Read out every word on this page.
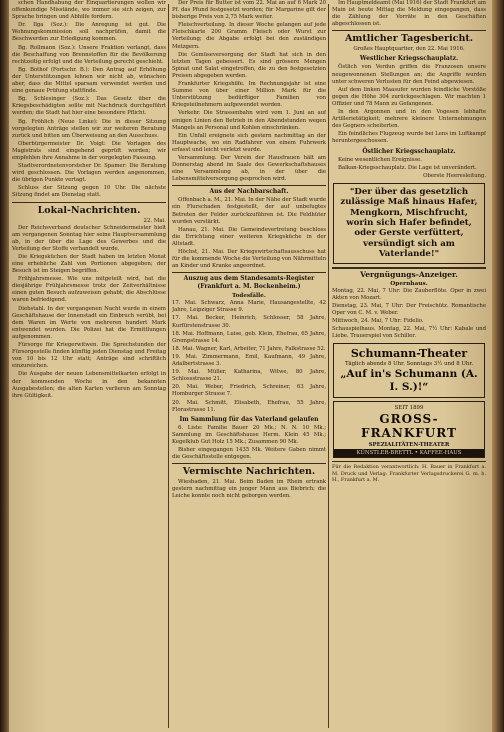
schen Handhabung der Einquartierungen wollen wir offenkundige Misstände, wo immer sie sich zeigen, zur Sprache bringen und Abhilfe fordern.

Dr. Ilga (Soz.): Die Anregung ist gut. Die Wohnungskommission soll nachprüfen, damit die Beschwerden zur Erledigung kommen.

Bg. Rollmann (Soz.): Unsere Fraktion verlangt, dass die Beschaffung von Brennstoffen für die Bevölkerung rechtzeitig erfolgt und die Verteilung gerecht geschieht.

Bg. Bothof (Fortschr. B.): Den Antrag auf Erhöhung der Unterstützungen lehnen wir nicht ab, wünschen aber, dass die Mittel sparsam verwendet werden und eine genaue Prüfung stattfinde.

Bg. Schlesinger (Soz.): Das Gesetz über die Kriegsbeschädigten sollte mit Nachdruck durchgeführt werden; die Stadt hat hier eine besondere Pflicht.

Bg. Fröhlich (Neue Linke): Die in dieser Sitzung vorgelegten Anträge stellen wir zur weiteren Beratung zurück und bitten um Überweisung an den Ausschuss.

Oberbürgermeister Dr. Voigt: Die Vorlagen des Magistrats sind eingehend geprüft worden; wir empfehlen ihre Annahme in der vorgelegten Fassung.

Stadtverordnetenvorsteher Dr. Spamer: Die Beratung wird geschlossen. Die Vorlagen werden angenommen, die übrigen Punkte vertagt.

Schluss der Sitzung gegen 10 Uhr. Die nächste Sitzung findet am Dienstag statt.

Lokal-Nachrichten.
22. Mai.

Der Reichsverband deutscher Schneidermeister hielt am vergangenen Sonntag hier seine Hauptversammlung ab, in der über die Lage des Gewerbes und die Verteilung der Stoffe verhandelt wurde.

Die Kriegsküchen der Stadt haben im letzten Monat eine erhebliche Zahl von Portionen abgegeben; der Besuch ist im Steigen begriffen.

Frühjahrsmesse. Wie uns mitgeteilt wird, hat die diesjährige Frühjahrsmesse trotz der Zeitverhältnisse einen guten Besuch aufzuweisen gehabt; die Abschlüsse waren befriedigend.

Diebstahl. In der vergangenen Nacht wurde in einem Geschäftshause der Innenstadt ein Einbruch verübt, bei dem Waren im Werte von mehreren hundert Mark entwendet wurden. Die Polizei hat die Ermittlungen aufgenommen.

Fürsorge für Kriegerwitwen. Die Sprechstunden der Fürsorgestelle finden künftig jeden Dienstag und Freitag von 10 bis 12 Uhr statt; Anträge sind schriftlich einzureichen.

Die Ausgabe der neuen Lebensmittelkarten erfolgt in der kommenden Woche in den bekannten Ausgabestellen; die alten Karten verlieren am Sonntag ihre Gültigkeit.

Der Preis für Butter ist vom 22. Mai an auf 6 Mark 20 Pf. das Pfund festgesetzt worden; für Margarine gilt der bisherige Preis von 2,75 Mark weiter.

Fleischverteilung. In dieser Woche gelangen auf jede Fleischkarte 200 Gramm Fleisch oder Wurst zur Verteilung; die Abgabe erfolgt bei den zuständigen Metzgern.

Die Gemüseversorgung der Stadt hat sich in den letzten Tagen gebessert. Es sind grössere Mengen Spinat und Salat eingetroffen, die zu den festgesetzten Preisen abgegeben werden.

Frankfurter Kriegshilfe. Im Rechnungsjahr ist eine Summe von über einer Million Mark für die Unterstützung bedürftiger Familien von Kriegsteilnehmern aufgewendet worden.

Verkehr. Die Strassenbahn wird vom 1. Juni an auf einigen Linien den Betrieb in den Abendstunden wegen Mangels an Personal und Kohlen einschränken.

Ein Unfall ereignete sich gestern nachmittag an der Hauptwache, wo ein Radfahrer von einem Fuhrwerk erfasst und leicht verletzt wurde.

Versammlung. Der Verein der Hausfrauen hält am Donnerstag abend im Saale des Gewerkschaftshauses eine Versammlung ab, in der über die Lebensmittelversorgung gesprochen wird.

Aus der Nachbarschaft.

Offenbach a. M., 21. Mai. In der Nähe der Stadt wurde ein Flurschaden festgestellt, der auf unbefugtes Betreten der Felder zurückzuführen ist. Die Feldhüter wurden verstärkt.

Hanau, 21. Mai. Die Gemeindevertretung beschloss die Errichtung einer weiteren Kriegsküche in der Altstadt.

Höchst, 21. Mai. Der Kriegswirtschaftsausschuss hat für die kommende Woche die Verteilung von Nährmitteln an Kinder und Kranke angeordnet.

Auszug aus dem Standesamts-Register (Frankfurt a. M. Bockenheim.)
Todesfälle.

17. Mai. Schwarz, Anna Marie, Hausangestellte, 42 Jahre, Leipziger Strasse 9.

17. Mai. Becker, Heinrich, Schlosser, 58 Jahre, Kurfürstenstrasse 30.

18. Mai. Hoffmann, Luise, geb. Klein, Ehefrau, 65 Jahre, Grempstrasse 14.

18. Mai. Wagner, Karl, Arbeiter, 71 Jahre, Falkstrasse 52.

19. Mai. Zimmermann, Emil, Kaufmann, 49 Jahre, Adalbertstrasse 3.

19. Mai. Müller, Katharina, Witwe, 80 Jahre, Schlossstrasse 21.

20. Mai. Weber, Friedrich, Schreiner, 63 Jahre, Homburger Strasse 7.

20. Mai. Schmitt, Elisabeth, Ehefrau, 55 Jahre, Florastrasse 11.

Im Sammlung für das Vaterland gelaufen

6. Liste: Familie Bauer 20 Mk.; N. N. 10 Mk.; Sammlung im Geschäftshause Herm. Klein 45 Mk.; Kegelklub Gut Holz 15 Mk.; Zusammen 90 Mk.

Bisher eingegangen 1435 Mk. Weitere Gaben nimmt die Geschäftsstelle entgegen.

Vermischte Nachrichten.

Wiesbaden, 21. Mai. Beim Baden im Rhein ertrank gestern nachmittag ein junger Mann aus Biebrich; die Leiche konnte noch nicht geborgen werden.

Im Hauptmeldeamt (Mai 1916) der Stadt Frankfurt am Main ist heute Mittag die Meldung eingegangen, dass die Zählung der Vorräte in den Geschäften abgeschlossen ist.

Amtlicher Tagesbericht.

Großes Hauptquartier, den 22. Mai 1916.

Westlicher Kriegsschauplatz.

Östlich von Verdun griffen die Franzosen unsere neugewonnenen Stellungen an; die Angriffe wurden unter schweren Verlusten für den Feind abgewiesen.

Auf dem linken Maasufer wurden feindliche Vorstöße gegen die Höhe 304 zurückgeschlagen. Wir machten 1 Offizier und 78 Mann zu Gefangenen.

In den Argonnen und in den Vogesen lebhafte Artillerietätigkeit; mehrere kleinere Unternehmungen des Gegners scheiterten.

Ein feindliches Flugzeug wurde bei Lens im Luftkampf heruntergeschossen.

Östlicher Kriegsschauplatz.

Keine wesentlichen Ereignisse.

Balkan-Kriegsschauplatz. Die Lage ist unverändert.

Oberste Heeresleitung.

"Der über das gesetzlich zulässige Maß hinaus Hafer, Mengkorn, Mischfrucht, worin sich Hafer befindet, oder Gerste verfüttert, versündigt sich am Vaterlande!"
Vergnügungs-Anzeiger.
Opernhaus.

Montag, 22. Mai, 7 Uhr: Die Zauberflöte. Oper in zwei Akten von Mozart.

Dienstag, 23. Mai, 7 Uhr: Der Freischütz. Romantische Oper von C. M. v. Weber.

Mittwoch, 24. Mai, 7 Uhr: Fidelio.

Schauspielhaus. Montag, 22. Mai, 7½ Uhr: Kabale und Liebe. Trauerspiel von Schiller.

Schumann-Theater
Täglich abends 8 Uhr. Sonntags 3½ und 8 Uhr.
„Auf in's Schumann (A. I. S.)!“
SEIT 1899
GROSS-FRANKFURT
SPEZIALITÄTEN-THEATER
KÜNSTLER-BRETTL • KAFFEE-HAUS

Für die Redaktion verantwortlich: H. Bauer in Frankfurt a. M. Druck und Verlag: Frankfurter Verlagsdruckerei G. m. b. H., Frankfurt a. M.
